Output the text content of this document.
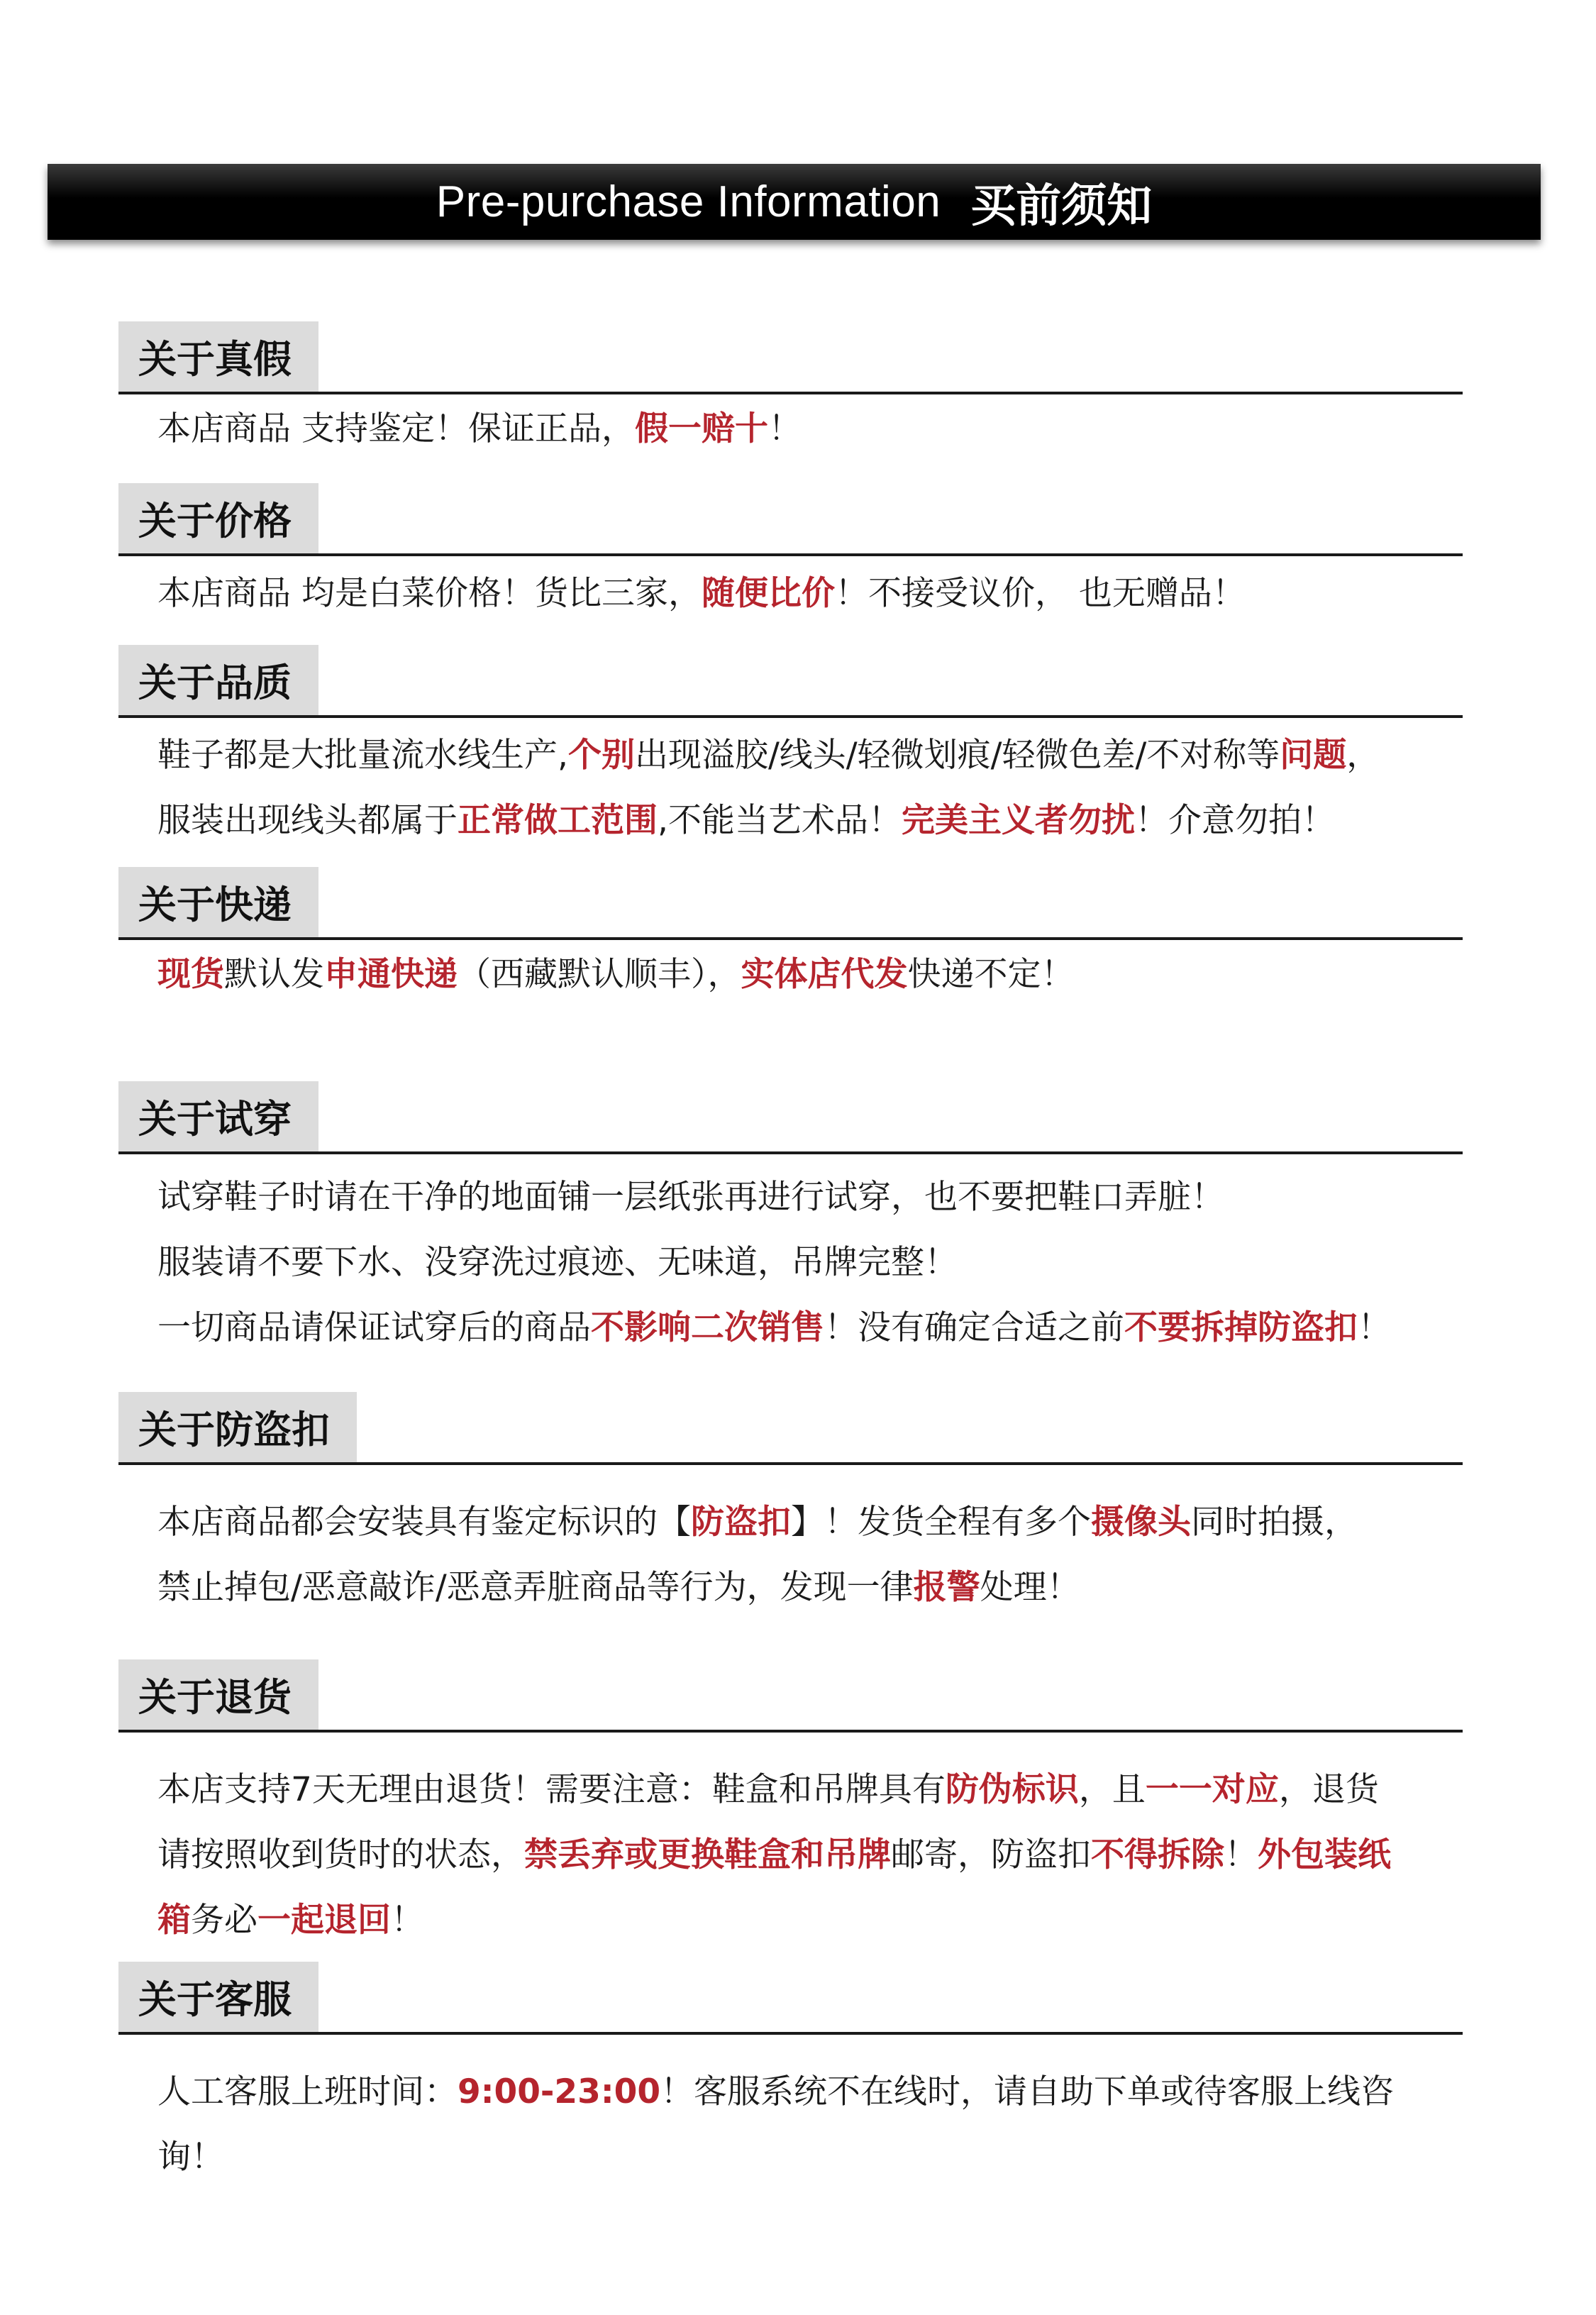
Pre-purchase Information 买前须知
关于真假
本店商品 支持鉴定！保证正品，假一赔十！
关于价格
本店商品 均是白菜价格！货比三家，随便比价！不接受议价， 也无赠品！
关于品质
鞋子都是大批量流水线生产,个别出现溢胶/线头/轻微划痕/轻微色差/不对称等问题，
服装出现线头都属于正常做工范围,不能当艺术品！完美主义者勿扰！介意勿拍！
关于快递
现货默认发申通快递（西藏默认顺丰），实体店代发快递不定！
关于试穿
试穿鞋子时请在干净的地面铺一层纸张再进行试穿，也不要把鞋口弄脏！
服装请不要下水、没穿洗过痕迹、无味道，吊牌完整！
一切商品请保证试穿后的商品不影响二次销售！没有确定合适之前不要拆掉防盗扣！
关于防盗扣
本店商品都会安装具有鉴定标识的【防盗扣】！发货全程有多个摄像头同时拍摄，
禁止掉包/恶意敲诈/恶意弄脏商品等行为，发现一律报警处理！
关于退货
本店支持7天无理由退货！需要注意：鞋盒和吊牌具有防伪标识，且一一对应，退货
请按照收到货时的状态，禁丢弃或更换鞋盒和吊牌邮寄，防盗扣不得拆除！外包装纸
箱务必一起退回！
关于客服
人工客服上班时间：9:00-23:00！客服系统不在线时，请自助下单或待客服上线咨
询！
